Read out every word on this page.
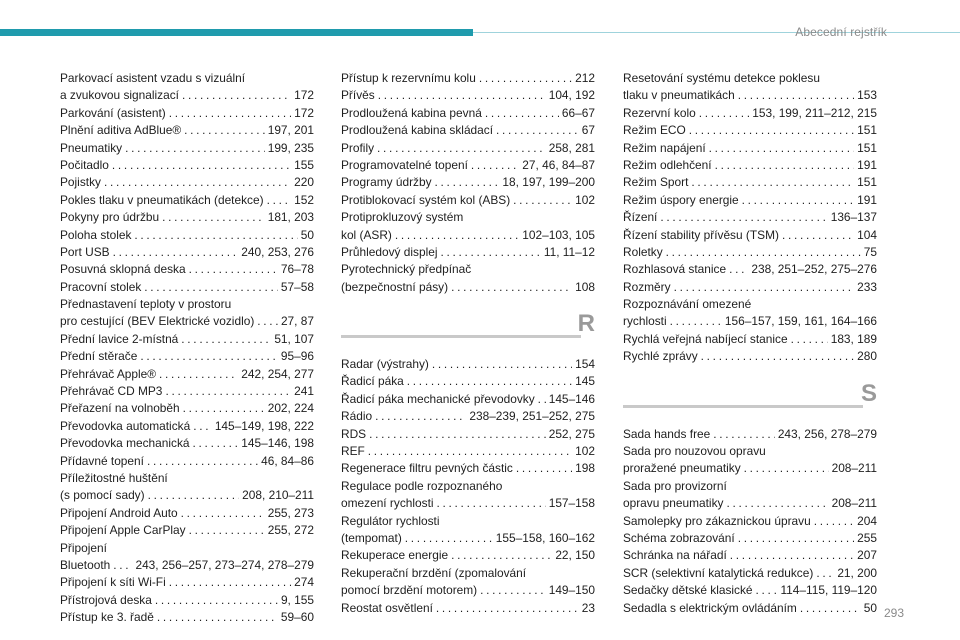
Abecední rejstřík
Parkovací asistent vzadu s vizuální
a zvukovou signalizací . . .	172
Parkování (asistent) . . .	172
Plnění aditiva AdBlue® . . .	197, 201
Pneumatiky . . .	199, 235
Počitadlo . . .	155
Pojistky . . .	220
Pokles tlaku v pneumatikách (detekce) . . .	152
Pokyny pro údržbu . . .	181, 203
Poloha stolek . . .	50
Port USB . . .	240, 253, 276
Posuvná sklopná deska . . .	76–78
Pracovní stolek . . .	57–58
Přednastavení teploty v prostoru
pro cestující (BEV Elektrické vozidlo) . . . 27, 87
Přední lavice 2-místná . . .	51, 107
Přední stěrače . . .	95–96
Přehrávač Apple® . . .	242, 254, 277
Přehrávač CD MP3 . . .	241
Přeřazení na volnoběh . . .	202, 224
Převodovka automatická . . . 145–149, 198, 222
Převodovka mechanická . . .	145–146, 198
Přídavné topení . . .	46, 84–86
Příležitostné huštění
(s pomocí sady) . . .	208, 210–211
Připojení Android Auto . . .	255, 273
Připojení Apple CarPlay . . .	255, 272
Připojení
Bluetooth . . . 243, 256–257, 273–274, 278–279
Připojení k síti Wi-Fi . . .	274
Přístrojová deska . . .	9, 155
Přístup ke 3. řadě . . .	59–60
Přístup k rezervnímu kolu . . .	212
Přívěs . . .	104, 192
Prodloužená kabina pevná . . .	66–67
Prodloužená kabina skládací . . .	67
Profily . . .	258, 281
Programovatelné topení . . .	27, 46, 84–87
Programy údržby . . .	18, 197, 199–200
Protiblokovací systém kol (ABS) . . .	102
Protiprokluzový systém
kol (ASR) . . .	102–103, 105
Průhledový displej . . .	11, 11–12
Pyrotechnický předpínač
(bezpečnostní pásy) . . .	108
R
Radar (výstrahy) . . .	154
Řadicí páka . . .	145
Řadicí páka mechanické převodovky . . . 145–146
Rádio . . .	238–239, 251–252, 275
RDS . . .	252, 275
REF . . .	102
Regenerace filtru pevných částic . . .	198
Regulace podle rozpoznaného
omezení rychlosti . . .	157–158
Regulátor rychlosti
(tempomat) . . .	155–158, 160–162
Rekuperace energie . . .	22, 150
Rekuperační brzdění (zpomalování
pomocí brzdění motorem) . . .	149–150
Reostat osvětlení . . .	23
Resetování systému detekce poklesu
tlaku v pneumatikách . . .	153
Rezervní kolo . . .	153, 199, 211–212, 215
Režim ECO . . .	151
Režim napájení . . .	151
Režim odlehčení . . .	191
Režim Sport . . .	151
Režim úspory energie . . .	191
Řízení . . .	136–137
Řízení stability přívěsu (TSM) . . .	104
Roletky . . .	75
Rozhlasová stanice . . . 238, 251–252, 275–276
Rozměry . . .	233
Rozpoznávání omezené
rychlosti . . .	156–157, 159, 161, 164–166
Rychlá veřejná nabíjecí stanice . . .	183, 189
Rychlé zprávy . . .	280
S
Sada hands free . . .	243, 256, 278–279
Sada pro nouzovou opravu
proražené pneumatiky . . .	208–211
Sada pro provizorní
opravu pneumatiky . . .	208–211
Samolepky pro zákaznickou úpravu . . .	204
Schéma zobrazování . . .	255
Schránka na nářadí . . .	207
SCR (selektivní katalytická redukce) . . . 21, 200
Sedačky dětské klasické . . . 114–115, 119–120
Sedadla s elektrickým ovládáním . . .	50 293
